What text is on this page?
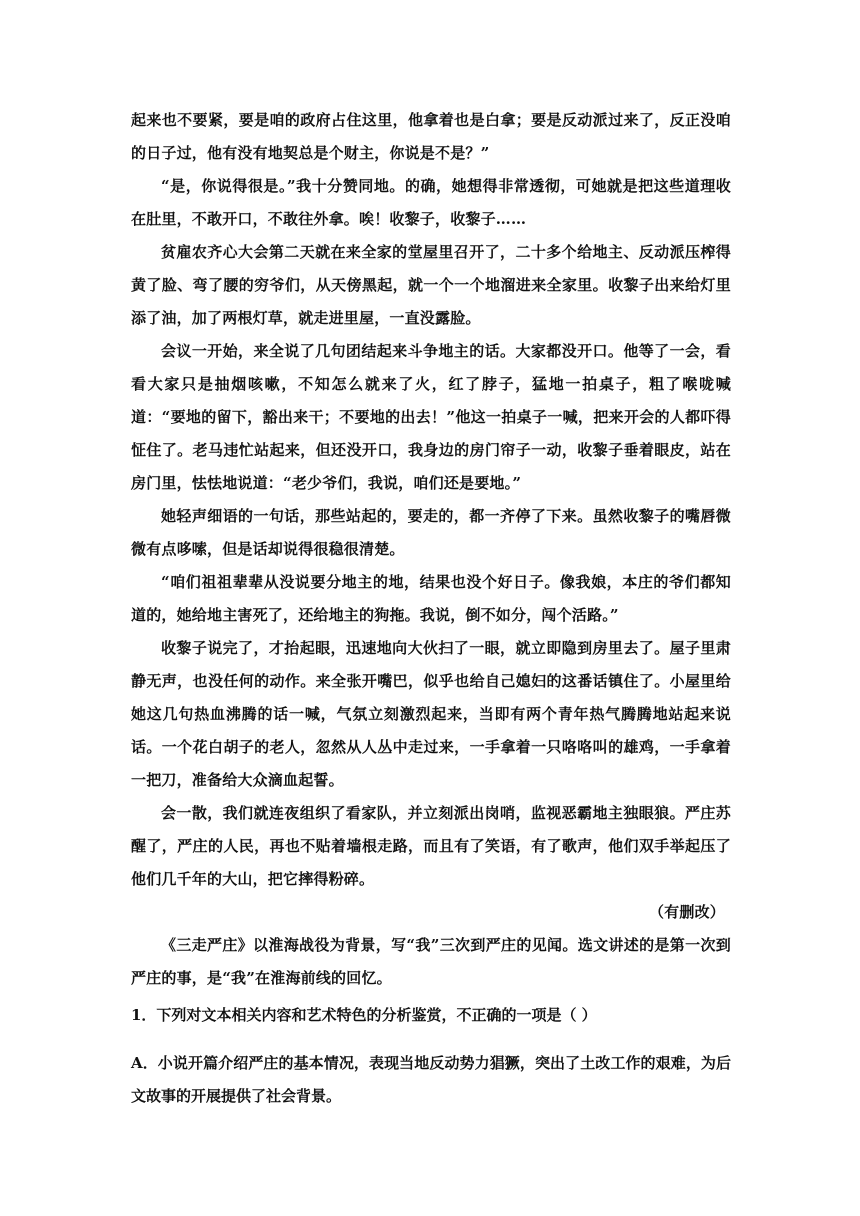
起来也不要紧，要是咱的政府占住这里，他拿着也是白拿；要是反动派过来了，反正没咱的日子过，他有没有地契总是个财主，你说是不是？”

“是，你说得很是。”我十分赞同地。的确，她想得非常透彻，可她就是把这些道理收在肚里，不敢开口，不敢往外拿。唉！收黎子，收黎子……

贫雇农齐心大会第二天就在来全家的堂屋里召开了，二十多个给地主、反动派压榨得黄了脸、弯了腰的穷爷们，从天傍黑起，就一个一个地溜进来全家里。收黎子出来给灯里添了油，加了两根灯草，就走进里屋，一直没露脸。

会议一开始，来全说了几句团结起来斗争地主的话。大家都没开口。他等了一会，看看大家只是抽烟咳嗽，不知怎么就来了火，红了脖子，猛地一拍桌子，粗了喉咙喊道：“要地的留下，豁出来干；不要地的出去！”他这一拍桌子一喊，把来开会的人都吓得怔住了。老马违忙站起来，但还没开口，我身边的房门帘子一动，收黎子垂着眼皮，站在房门里，怯怯地说道：“老少爷们，我说，咱们还是要地。”

她轻声细语的一句话，那些站起的，要走的，都一齐停了下来。虽然收黎子的嘴唇微微有点哆嗦，但是话却说得很稳很清楚。

“咱们祖祖辈辈从没说要分地主的地，结果也没个好日子。像我娘，本庄的爷们都知道的，她给地主害死了，还给地主的狗拖。我说，倒不如分，闯个活路。”

收黎子说完了，才抬起眼，迅速地向大伙扫了一眼，就立即隐到房里去了。屋子里肃静无声，也没任何的动作。来全张开嘴巴，似乎也给自己媳妇的这番话镇住了。小屋里给她这几句热血沸腾的话一喊，气氛立刻激烈起来，当即有两个青年热气腾腾地站起来说话。一个花白胡子的老人，忽然从人丛中走过来，一手拿着一只咯咯叫的雄鸡，一手拿着一把刀，准备给大众滴血起誓。

会一散，我们就连夜组织了看家队，并立刻派出岗哨，监视恶霸地主独眼狼。严庄苏醒了，严庄的人民，再也不贴着墙根走路，而且有了笑语，有了歌声，他们双手举起压了他们几千年的大山，把它摔得粉碎。

（有删改）

《三走严庄》以淮海战役为背景，写“我”三次到严庄的见闻。选文讲述的是第一次到严庄的事，是“我”在淮海前线的回忆。

1．下列对文本相关内容和艺术特色的分析鉴赏，不正确的一项是（ ）

A．小说开篇介绍严庄的基本情况，表现当地反动势力猖獗，突出了土改工作的艰难，为后文故事的开展提供了社会背景。
